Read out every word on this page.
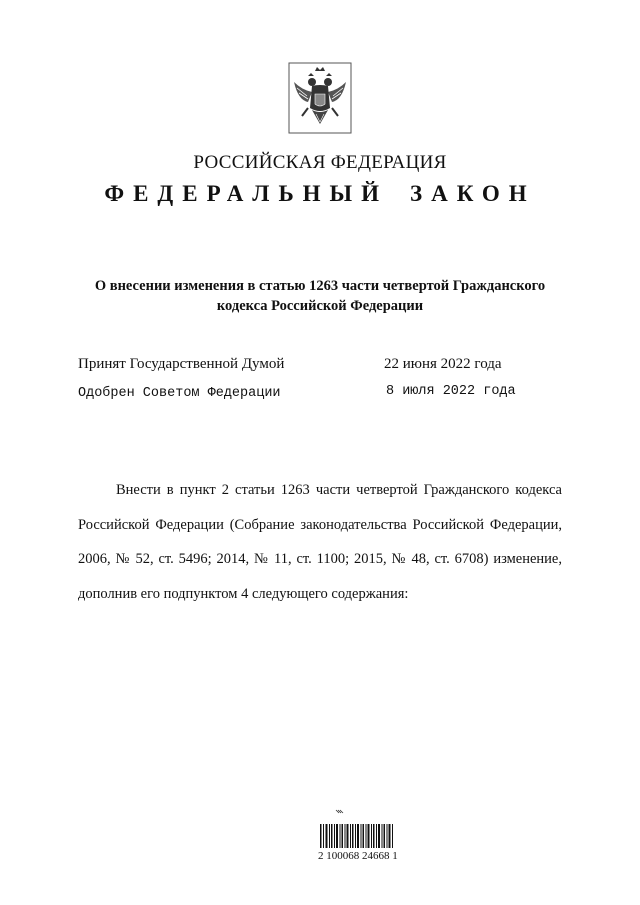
РОССИЙСКАЯ ФЕДЕРАЦИЯ
ФЕДЕРАЛЬНЫЙ ЗАКОН
О внесении изменения в статью 1263 части четвертой Гражданского
кодекса Российской Федерации
Принят Государственной Думой	22 июня 2022 года
Одобрен Советом Федерации	8 июля 2022 года
Внести в пункт 2 статьи 1263 части четвертой Гражданского кодекса Российской Федерации (Собрание законодательства Российской Федерации, 2006, № 52, ст. 5496; 2014, № 11, ст. 1100; 2015, № 48, ст. 6708) изменение, дополнив его подпунктом 4 следующего содержания:
2 100068 24668 1
